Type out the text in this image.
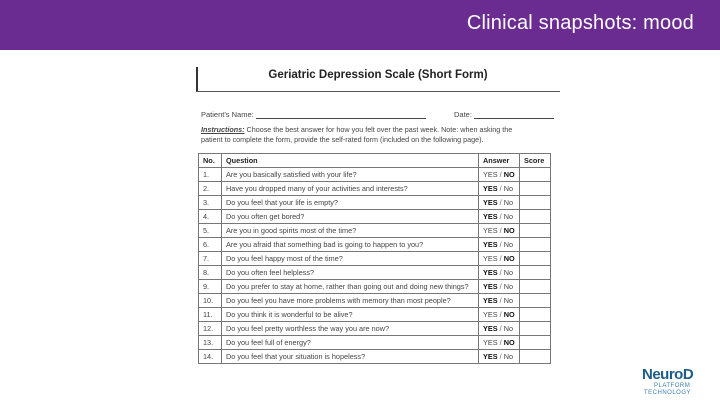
Clinical snapshots: mood
Geriatric Depression Scale (Short Form)
Patient's Name:	Date:
Instructions: Choose the best answer for how you felt over the past week. Note: when asking the
patient to complete the form, provide the self-rated form (included on the following page).
No.	Question	Answer	Score
1.	Are you basically satisfied with your life?	YES / NO	
2.	Have you dropped many of your activities and interests?	YES / No	
3.	Do you feel that your life is empty?	YES / No	
4.	Do you often get bored?	YES / No	
5.	Are you in good spirits most of the time?	YES / NO	
6.	Are you afraid that something bad is going to happen to you?	YES / No	
7.	Do you feel happy most of the time?	YES / NO	
8.	Do you often feel helpless?	YES / No	
9.	Do you prefer to stay at home, rather than going out and doing new things?	YES / No	
10.	Do you feel you have more problems with memory than most people?	YES / No	
11.	Do you think it is wonderful to be alive?	YES / NO	
12.	Do you feel pretty worthless the way you are now?	YES / No	
13.	Do you feel full of energy?	YES / NO	
14.	Do you feel that your situation is hopeless?	YES / No	
NeuroD
PLATFORM
TECHNOLOGY
